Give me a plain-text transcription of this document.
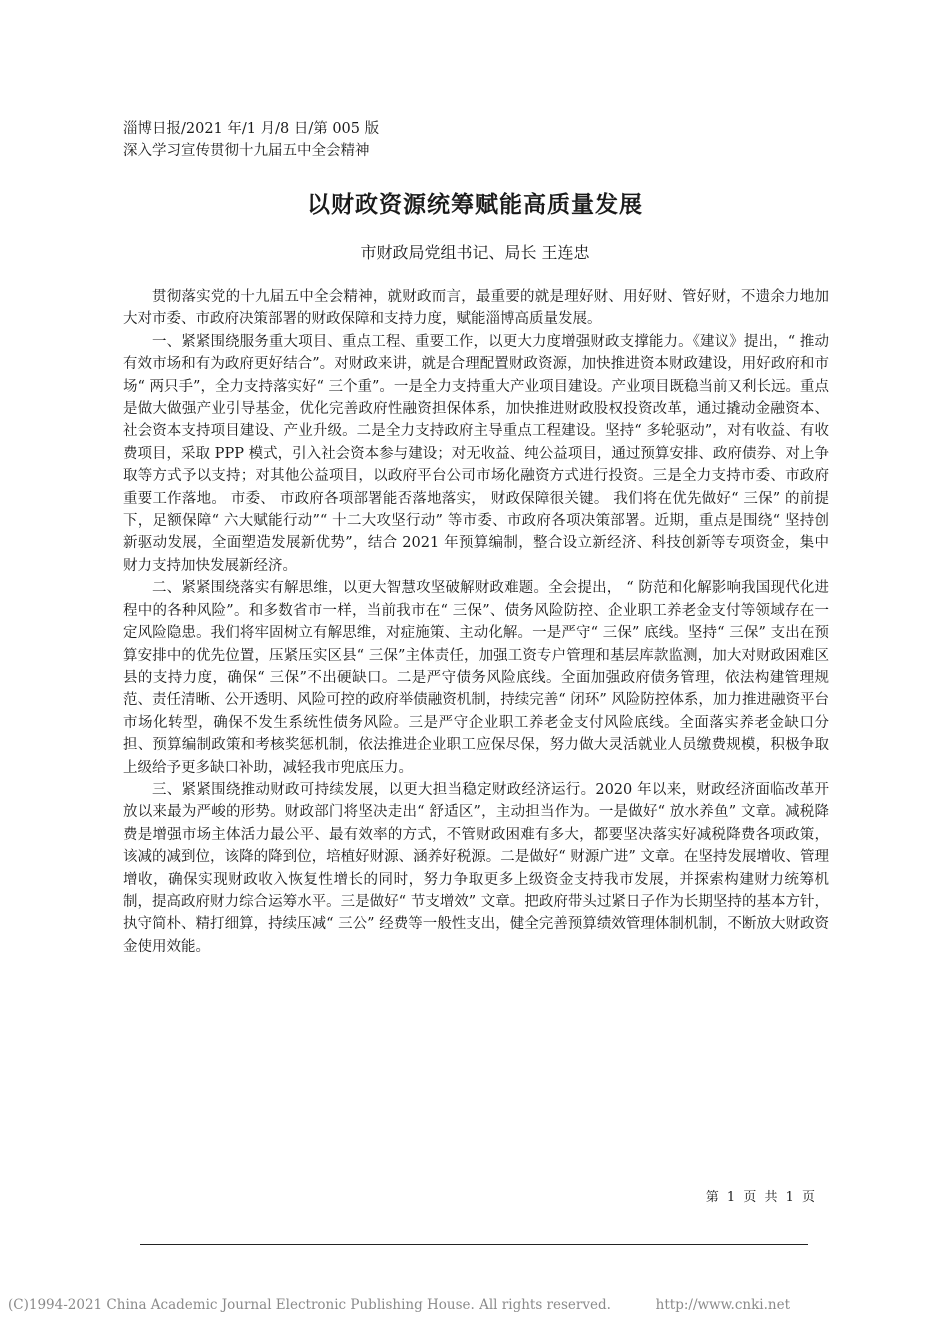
淄博日报/2021 年/1 月/8 日/第 005 版
深入学习宣传贯彻十九届五中全会精神
以财政资源统筹赋能高质量发展
市财政局党组书记、局长 王连忠

贯彻落实党的十九届五中全会精神，就财政而言，最重要的就是理好财、用好财、管好财，不遗余力地加大对市委、市政府决策部署的财政保障和支持力度，赋能淄博高质量发展。

一、紧紧围绕服务重大项目、重点工程、重要工作，以更大力度增强财政支撑能力。《建议》提出，“ 推动有效市场和有为政府更好结合”。对财政来讲，就是合理配置财政资源，加快推进资本财政建设，用好政府和市场“ 两只手”，全力支持落实好“ 三个重”。一是全力支持重大产业项目建设。产业项目既稳当前又利长远。重点是做大做强产业引导基金，优化完善政府性融资担保体系，加快推进财政股权投资改革，通过撬动金融资本、社会资本支持项目建设、产业升级。二是全力支持政府主导重点工程建设。坚持“ 多轮驱动”，对有收益、有收费项目，采取 PPP 模式，引入社会资本参与建设；对无收益、纯公益项目，通过预算安排、政府债券、对上争取等方式予以支持；对其他公益项目，以政府平台公司市场化融资方式进行投资。三是全力支持市委、市政府重要工作落地。 市委、 市政府各项部署能否落地落实， 财政保障很关键。 我们将在优先做好“ 三保” 的前提下，足额保障“ 六大赋能行动”“ 十二大攻坚行动” 等市委、市政府各项决策部署。近期，重点是围绕“ 坚持创新驱动发展，全面塑造发展新优势”，结合 2021 年预算编制，整合设立新经济、科技创新等专项资金，集中财力支持加快发展新经济。

二、紧紧围绕落实有解思维，以更大智慧攻坚破解财政难题。全会提出， “ 防范和化解影响我国现代化进程中的各种风险”。和多数省市一样，当前我市在“ 三保”、债务风险防控、企业职工养老金支付等领域存在一定风险隐患。我们将牢固树立有解思维，对症施策、主动化解。一是严守“ 三保” 底线。坚持“ 三保” 支出在预算安排中的优先位置，压紧压实区县“ 三保”主体责任，加强工资专户管理和基层库款监测，加大对财政困难区县的支持力度，确保“ 三保”不出硬缺口。二是严守债务风险底线。全面加强政府债务管理，依法构建管理规范、责任清晰、公开透明、风险可控的政府举债融资机制，持续完善“ 闭环” 风险防控体系，加力推进融资平台市场化转型，确保不发生系统性债务风险。三是严守企业职工养老金支付风险底线。全面落实养老金缺口分担、预算编制政策和考核奖惩机制，依法推进企业职工应保尽保，努力做大灵活就业人员缴费规模，积极争取上级给予更多缺口补助，减轻我市兜底压力。

三、紧紧围绕推动财政可持续发展，以更大担当稳定财政经济运行。2020 年以来，财政经济面临改革开放以来最为严峻的形势。财政部门将坚决走出“ 舒适区”，主动担当作为。一是做好“ 放水养鱼” 文章。减税降费是增强市场主体活力最公平、最有效率的方式，不管财政困难有多大，都要坚决落实好减税降费各项政策，该减的减到位，该降的降到位，培植好财源、涵养好税源。二是做好“ 财源广进” 文章。在坚持发展增收、管理增收，确保实现财政收入恢复性增长的同时，努力争取更多上级资金支持我市发展，并探索构建财力统筹机制，提高政府财力综合运筹水平。三是做好“ 节支增效” 文章。把政府带头过紧日子作为长期坚持的基本方针，执守简朴、精打细算，持续压减“ 三公” 经费等一般性支出，健全完善预算绩效管理体制机制，不断放大财政资金使用效能。

第 1 页 共 1 页
(C)1994-2021 China Academic Journal Electronic Publishing House. All rights reserved.	http://www.cnki.net
